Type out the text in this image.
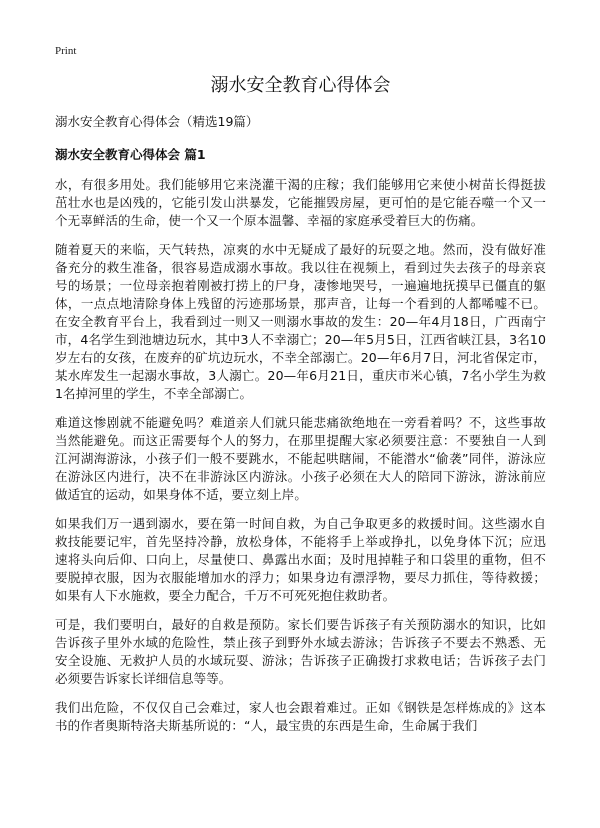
Print
溺水安全教育心得体会
溺水安全教育心得体会（精选19篇）
溺水安全教育心得体会 篇1

水，有很多用处。我们能够用它来浇灌干渴的庄稼；我们能够用它来使小树苗长得挺拔茁壮水也是凶残的，它能引发山洪暴发，它能摧毁房屋，更可怕的是它能吞噬一个又一个无辜鲜活的生命，使一个又一个原本温馨、幸福的家庭承受着巨大的伤痛。

随着夏天的来临，天气转热，凉爽的水中无疑成了最好的玩耍之地。然而，没有做好准备充分的救生准备，很容易造成溺水事故。我以往在视频上，看到过失去孩子的母亲哀号的场景；一位母亲抱着刚被打捞上的尸身，凄惨地哭号，一遍遍地抚摸早已僵直的躯体，一点点地清除身体上残留的污迹那场景，那声音，让每一个看到的人都唏嘘不已。在安全教育平台上，我看到过一则又一则溺水事故的发生：20—年4月18日，广西南宁市，4名学生到池塘边玩水，其中3人不幸溺亡；20—年5月5日，江西省峡江县，3名10岁左右的女孩，在废弃的矿坑边玩水，不幸全部溺亡。20—年6月7日，河北省保定市，某水库发生一起溺水事故，3人溺亡。20—年6月21日，重庆市米心镇，7名小学生为救1名掉河里的学生，不幸全部溺亡。

难道这惨剧就不能避免吗？难道亲人们就只能悲痛欲绝地在一旁看着吗？不，这些事故当然能避免。而这正需要每个人的努力，在那里提醒大家必须要注意：不要独自一人到江河湖海游泳，小孩子们一般不要跳水，不能起哄瞎闹，不能潜水“偷袭”同伴，游泳应在游泳区内进行，决不在非游泳区内游泳。小孩子必须在大人的陪同下游泳，游泳前应做适宜的运动，如果身体不适，要立刻上岸。

如果我们万一遇到溺水，要在第一时间自救，为自己争取更多的救援时间。这些溺水自救技能要记牢，首先坚持冷静，放松身体，不能将手上举或挣扎，以免身体下沉；应迅速将头向后仰、口向上，尽量使口、鼻露出水面；及时甩掉鞋子和口袋里的重物，但不要脱掉衣服，因为衣服能增加水的浮力；如果身边有漂浮物，要尽力抓住，等待救援；如果有人下水施救，要全力配合，千万不可死死抱住救助者。

可是，我们要明白，最好的自救是预防。家长们要告诉孩子有关预防溺水的知识，比如告诉孩子里外水域的危险性，禁止孩子到野外水域去游泳；告诉孩子不要去不熟悉、无安全设施、无救护人员的水域玩耍、游泳；告诉孩子正确拨打求救电话；告诉孩子去门必须要告诉家长详细信息等等。

我们出危险，不仅仅自己会难过，家人也会跟着难过。正如《钢铁是怎样炼成的》这本书的作者奥斯特洛夫斯基所说的：“人，最宝贵的东西是生命，生命属于我们
